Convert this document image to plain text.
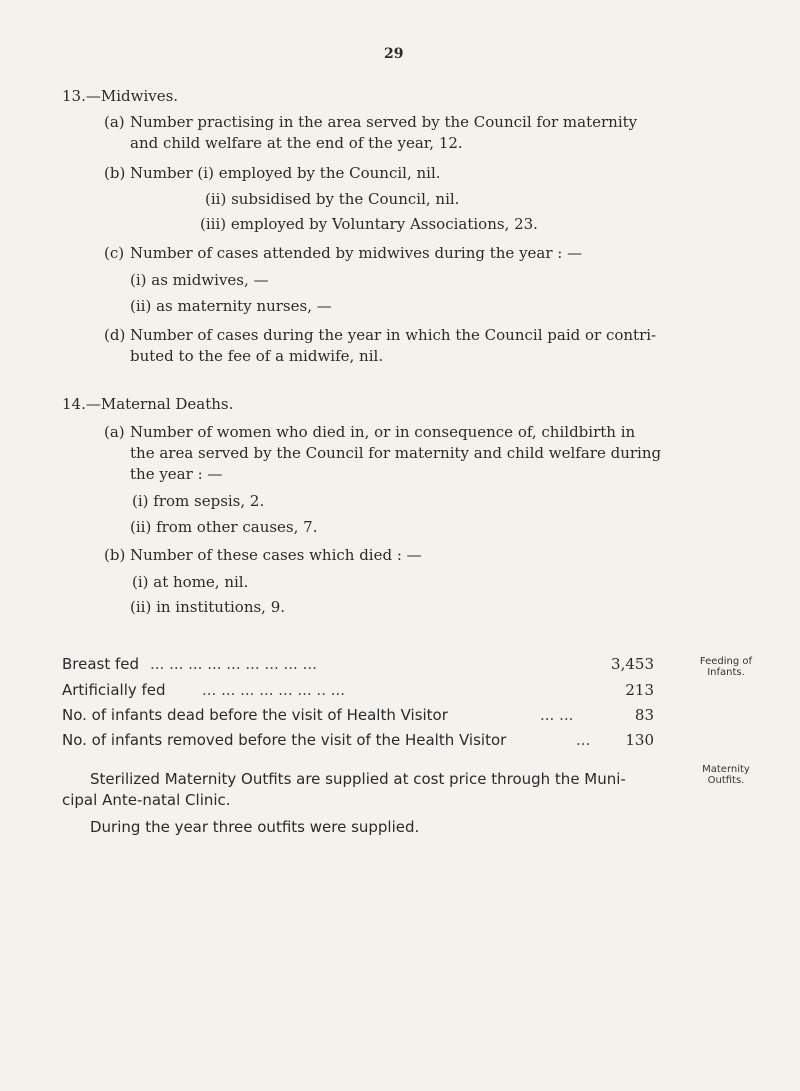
29
13.—Midwives.
(a) Number practising in the area served by the Council for maternity
and child welfare at the end of the year, 12.
(b) Number (i) employed by the Council, nil.
(ii) subsidised by the Council, nil.
(iii) employed by Voluntary Associations, 23.
(c) Number of cases attended by midwives during the year : —
(i) as midwives, —
(ii) as maternity nurses, —
(d) Number of cases during the year in which the Council paid or contri-
buted to the fee of a midwife, nil.
14.—Maternal Deaths.
(a) Number of women who died in, or in consequence of, childbirth in
the area served by the Council for maternity and child welfare during
the year : —
(i) from sepsis, 2.
(ii) from other causes, 7.
(b) Number of these cases which died : —
(i) at home, nil.
(ii) in institutions, 9.
Breast fed ... ... ... ... ... ... ... ... ...	3,453
Artificially fed ... ... ... ... ... ... .. ...	213
No. of infants dead before the visit of Health Visitor	... ...	83
No. of infants removed before the visit of the Health Visitor	...	130
Feeding of
Infants.
Sterilized Maternity Outfits are supplied at cost price through the Muni-
cipal Ante-natal Clinic.
During the year three outfits were supplied.
Maternity
Outfits.
